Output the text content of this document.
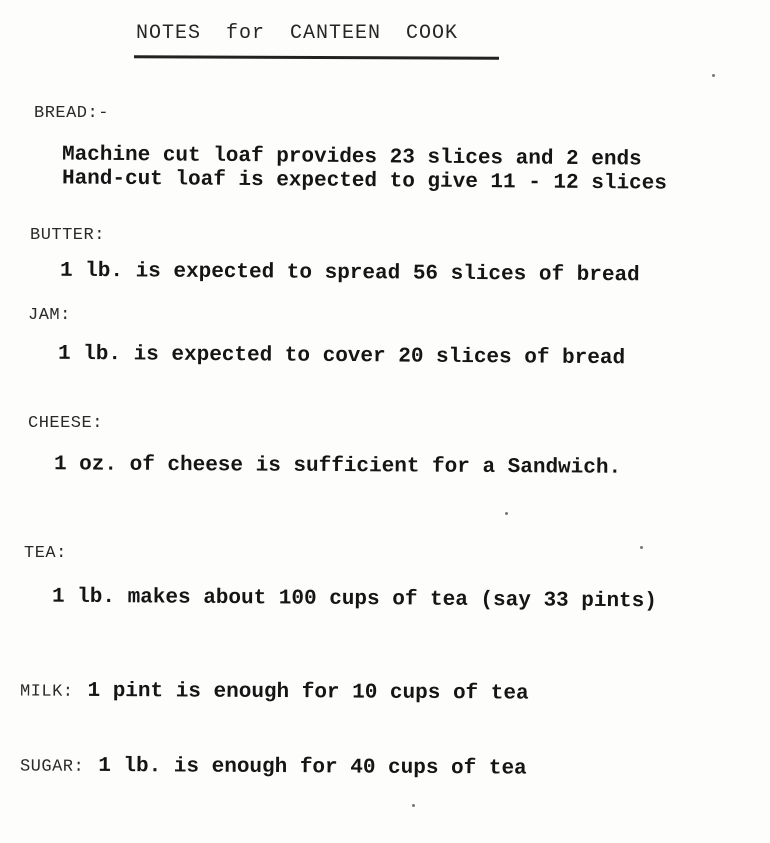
NOTES for CANTEEN COOK
BREAD:-
Machine cut loaf provides 23 slices and 2 ends
Hand-cut loaf is expected to give 11 - 12 slices
BUTTER:
1 lb. is expected to spread 56 slices of bread
JAM:
1 lb. is expected to cover 20 slices of bread
CHEESE:
1 oz. of cheese is sufficient for a Sandwich.
TEA:
1 lb. makes about 100 cups of tea (say 33 pints)
MILK: 1 pint is enough for 10 cups of tea
SUGAR: 1 lb. is enough for 40 cups of tea
